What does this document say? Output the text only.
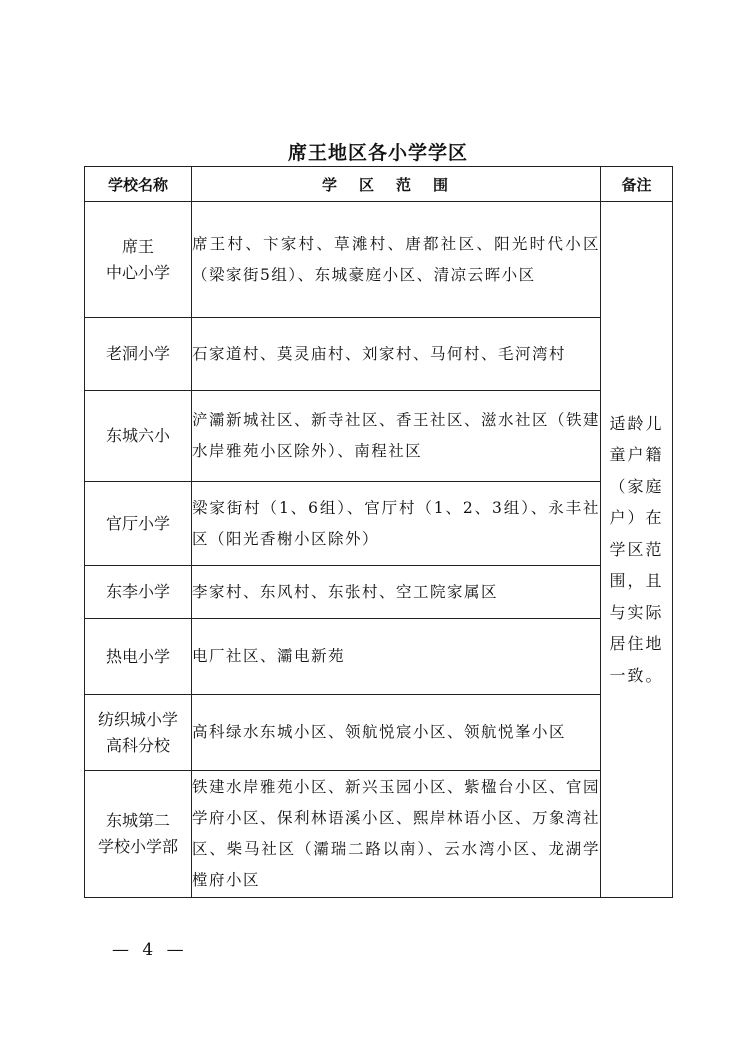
席王地区各小学学区
学校名称	学区范围	备注

席王
中心小学	席王村、卞家村、草滩村、唐都社区、阳光时代小区（梁家街5组）、东城豪庭小区、清凉云晖小区	适龄儿童户籍（家庭户）在学区范围，且与实际居住地一致。

老洞小学	石家道村、莫灵庙村、刘家村、马何村、毛河湾村	

东城六小	浐灞新城社区、新寺社区、香王社区、滋水社区（铁建水岸雅苑小区除外）、南程社区	

官厅小学	梁家街村（1、6组）、官厅村（1、2、3组）、永丰社区（阳光香榭小区除外）	

东李小学	李家村、东风村、东张村、空工院家属区	

热电小学	电厂社区、灞电新苑	

纺织城小学
高科分校	高科绿水东城小区、领航悦宸小区、领航悦峯小区	

东城第二
学校小学部	铁建水岸雅苑小区、新兴玉园小区、紫楹台小区、官园学府小区、保利林语溪小区、熙岸林语小区、万象湾社区、柴马社区（灞瑞二路以南）、云水湾小区、龙湖学樘府小区	
— 4 —
